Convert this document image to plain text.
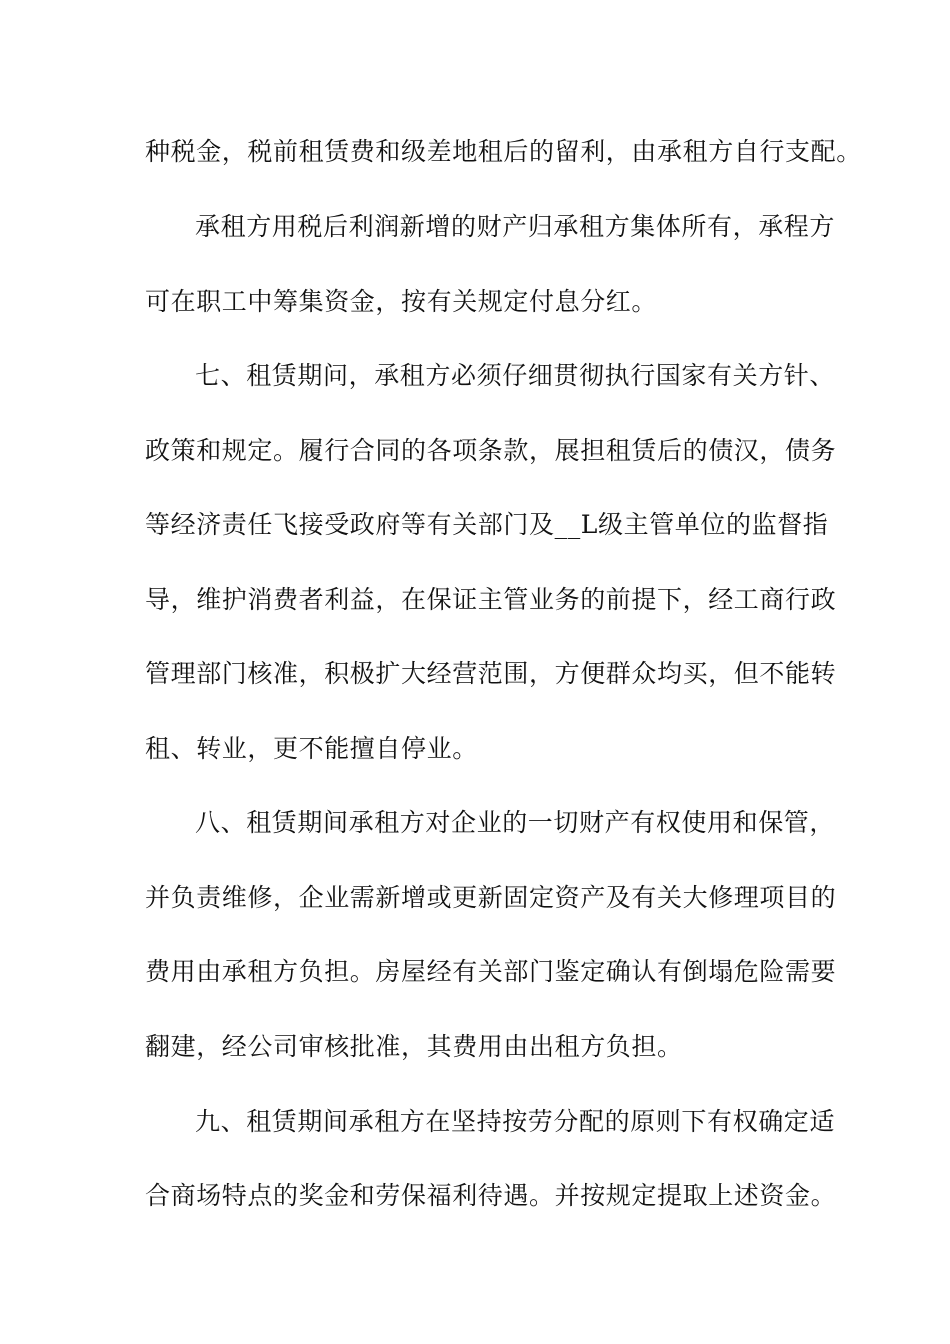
种税金，税前租赁费和级差地租后的留利，由承租方自行支配。
承租方用税后利润新增的财产归承租方集体所有，承程方
可在职工中筹集资金，按有关规定付息分红。
七、租赁期问，承租方必须仔细贯彻执行国家有关方针、
政策和规定。履行合同的各项条款，展担租赁后的债汉，债务
等经济责任飞接受政府等有关部门及__L级主管单位的监督指
导，维护消费者利益，在保证主管业务的前提下，经工商行政
管理部门核准，积极扩大经营范围，方便群众均买，但不能转
租、转业，更不能擅自停业。
八、租赁期间承租方对企业的一切财产有权使用和保管，
并负责维修，企业需新增或更新固定资产及有关大修理项目的
费用由承租方负担。房屋经有关部门鉴定确认有倒塌危险需要
翻建，经公司审核批准，其费用由出租方负担。
九、租赁期间承租方在坚持按劳分配的原则下有权确定适
合商场特点的奖金和劳保福利待遇。并按规定提取上述资金。
